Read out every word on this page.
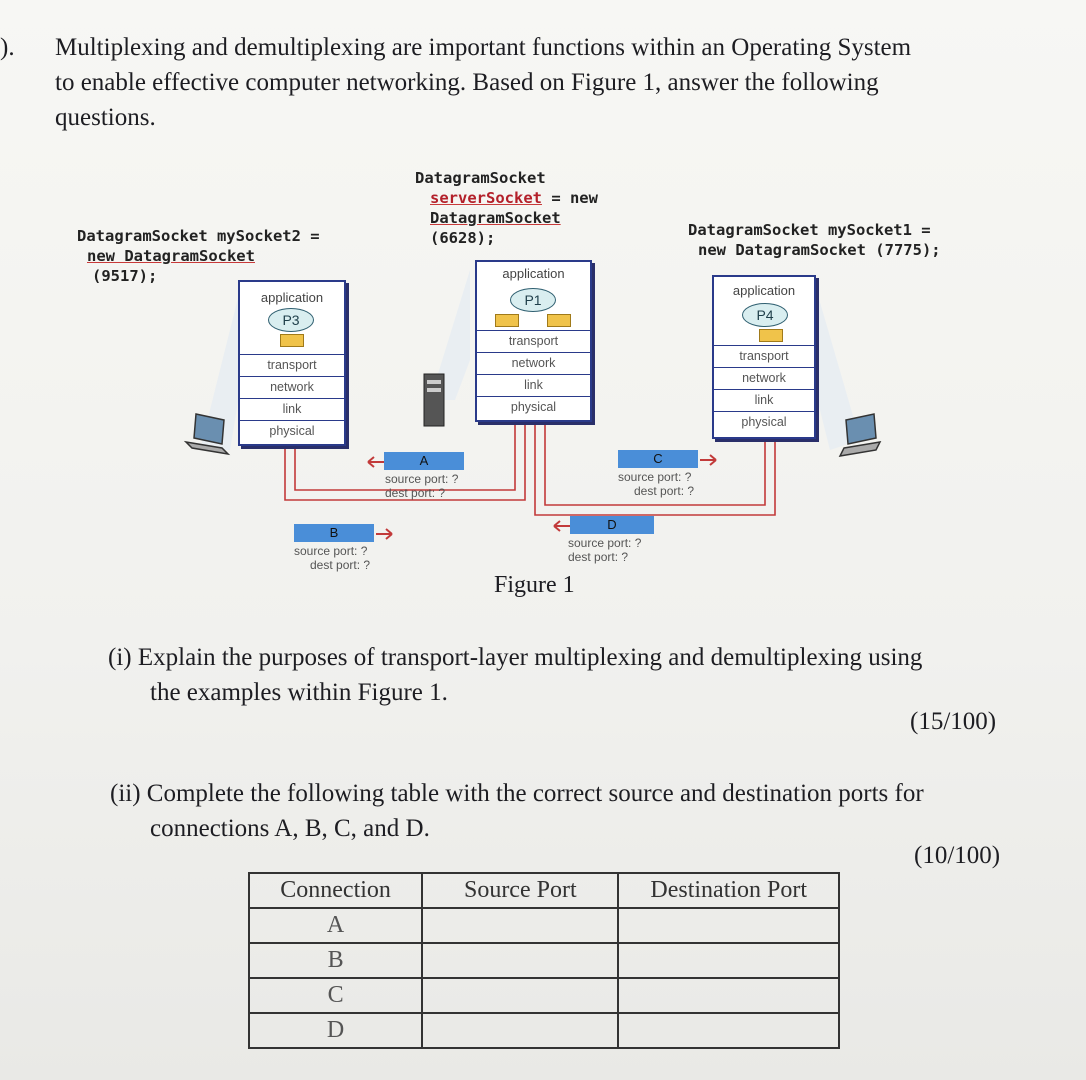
). Multiplexing and demultiplexing are important functions within an Operating System
to enable effective computer networking. Based on Figure 1, answer the following
questions.
DatagramSocket
serverSocket = new
DatagramSocket
(6628);
DatagramSocket mySocket2 =
new DatagramSocket
(9517);
DatagramSocket mySocket1 =
new DatagramSocket (7775);
application
P3
transport
network
link
physical
application
P1
transport
network
link
physical
application
P4
transport
network
link
physical
A
source port: ?
dest port: ?
B
source port: ?
dest port: ?
C
source port: ?
dest port: ?
D
source port: ?
dest port: ?
Figure 1
(i) Explain the purposes of transport-layer multiplexing and demultiplexing using
the examples within Figure 1.
(15/100)
(ii) Complete the following table with the correct source and destination ports for
connections A, B, C, and D.
(10/100)
Connection	Source Port	Destination Port
A		
B		
C		
D		
